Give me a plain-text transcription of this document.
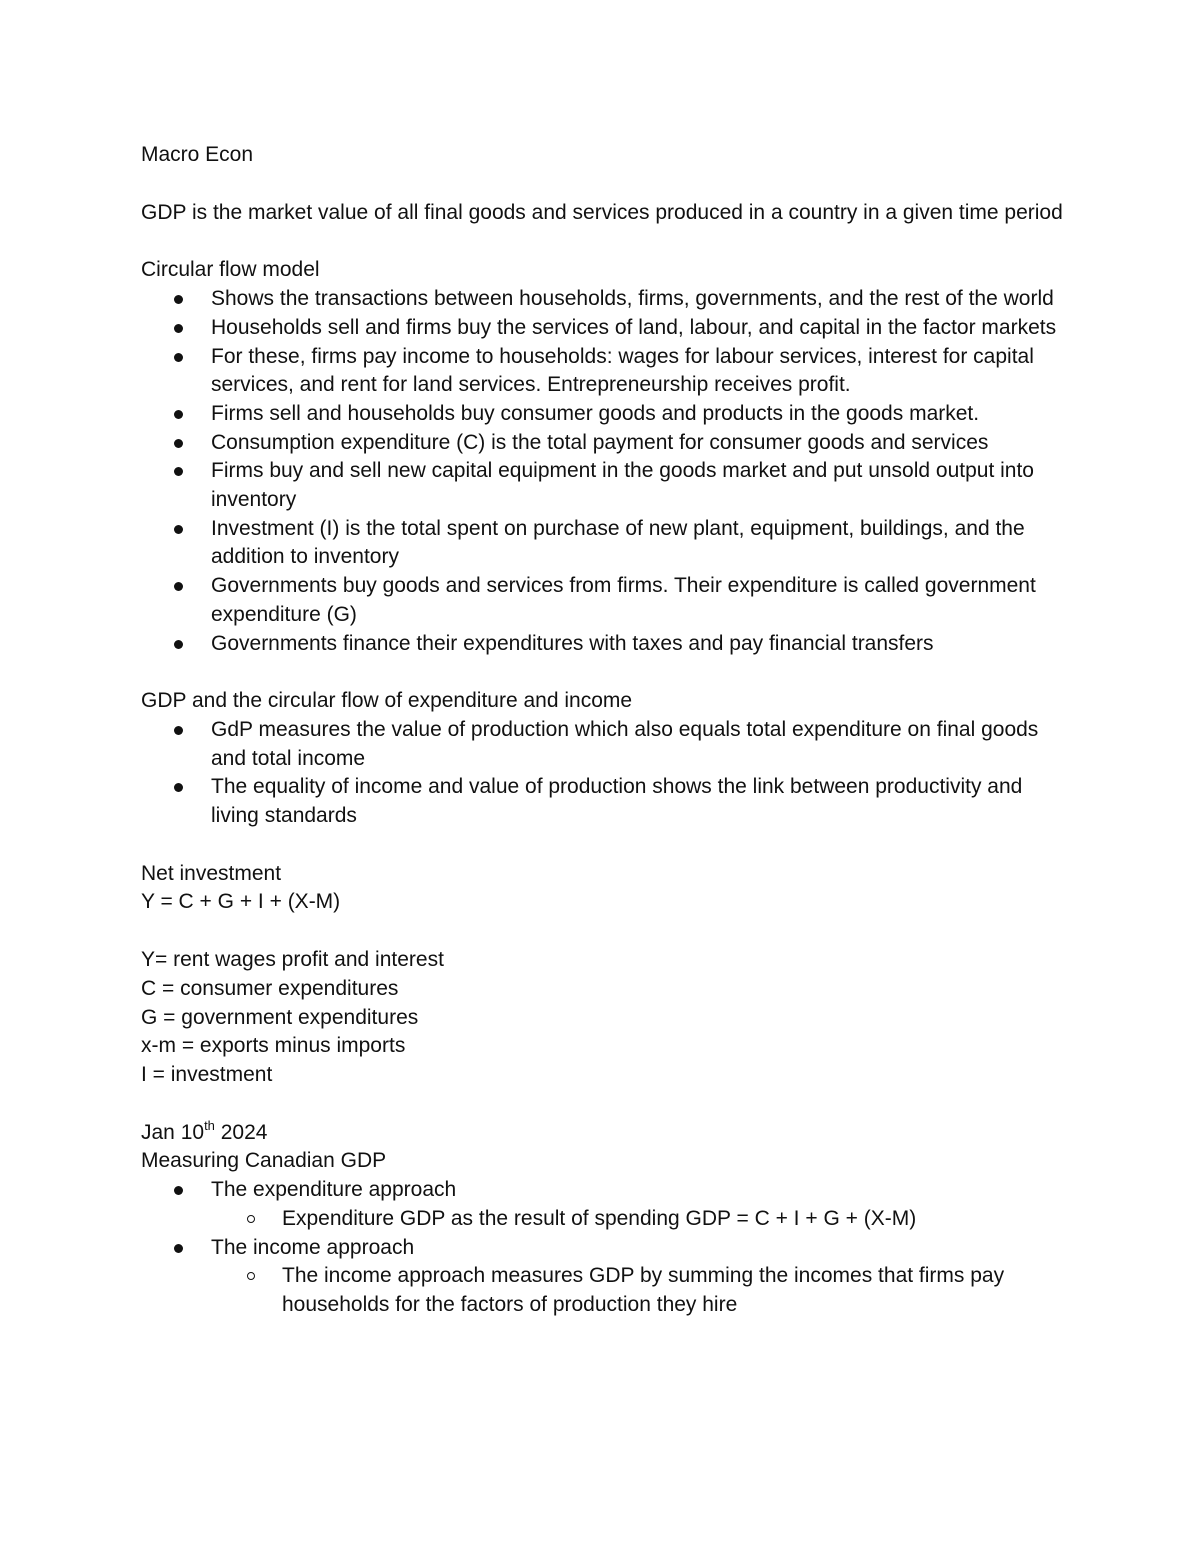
Macro Econ

GDP is the market value of all final goods and services produced in a country in a given time period

Circular flow model

Shows the transactions between households, firms, governments, and the rest of the world
Households sell and firms buy the services of land, labour, and capital in the factor markets
For these, firms pay income to households: wages for labour services, interest for capital services, and rent for land services. Entrepreneurship receives profit.
Firms sell and households buy consumer goods and products in the goods market.
Consumption expenditure (C) is the total payment for consumer goods and services
Firms buy and sell new capital equipment in the goods market and put unsold output into inventory
Investment (I) is the total spent on purchase of new plant, equipment, buildings, and the addition to inventory
Governments buy goods and services from firms. Their expenditure is called government expenditure (G)
Governments finance their expenditures with taxes and pay financial transfers

GDP and the circular flow of expenditure and income

GdP measures the value of production which also equals total expenditure on final goods and total income
The equality of income and value of production shows the link between productivity and living standards

Net investment

Y = C + G + I + (X-M)

Y= rent wages profit and interest

C = consumer expenditures

G = government expenditures

x-m = exports minus imports

I = investment

Jan 10th 2024

Measuring Canadian GDP

The expenditure approach
Expenditure GDP as the result of spending GDP = C + I + G + (X-M)
The income approach
The income approach measures GDP by summing the incomes that firms pay households for the factors of production they hire
